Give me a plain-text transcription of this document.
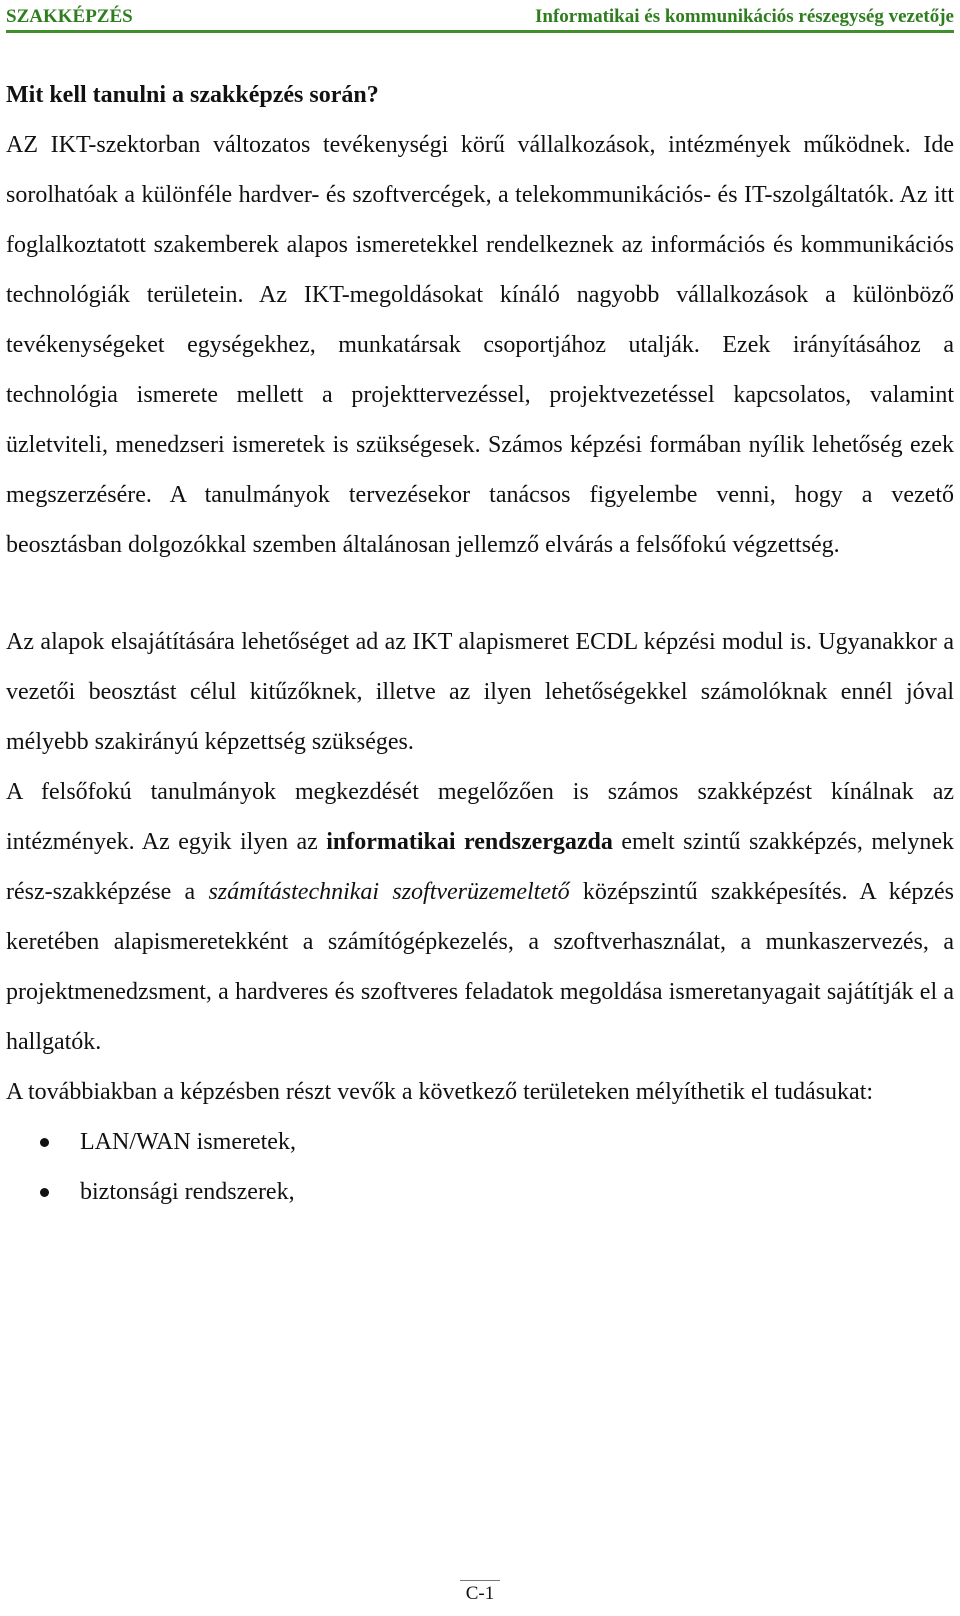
SZAKKÉPZÉS	Informatikai és kommunikációs részegység vezetője
Mit kell tanulni a szakképzés során?

AZ IKT-szektorban változatos tevékenységi körű vállalkozások, intézmények működnek. Ide sorolhatóak a különféle hardver- és szoftvercégek, a telekommunikációs- és IT-szolgáltatók. Az itt foglalkoztatott szakemberek alapos ismeretekkel rendelkeznek az információs és kommunikációs technológiák területein. Az IKT-megoldásokat kínáló nagyobb vállalkozások a különböző tevékenységeket egységekhez, munkatársak csoportjához utalják. Ezek irányításához a technológia ismerete mellett a projekttervezéssel, projektvezetéssel kapcsolatos, valamint üzletviteli, menedzseri ismeretek is szükségesek. Számos képzési formában nyílik lehetőség ezek megszerzésére. A tanulmányok tervezésekor tanácsos figyelembe venni, hogy a vezető beosztásban dolgozókkal szemben általánosan jellemző elvárás a felsőfokú végzettség.

Az alapok elsajátítására lehetőséget ad az IKT alapismeret ECDL képzési modul is. Ugyanakkor a vezetői beosztást célul kitűzőknek, illetve az ilyen lehetőségekkel számolóknak ennél jóval mélyebb szakirányú képzettség szükséges.

A felsőfokú tanulmányok megkezdését megelőzően is számos szakképzést kínálnak az intézmények. Az egyik ilyen az informatikai rendszergazda emelt szintű szakképzés, melynek rész-szakképzése a számítástechnikai szoftverüzemeltető középszintű szakképesítés. A képzés keretében alapismeretekként a számítógépkezelés, a szoftverhasználat, a munkaszervezés, a projektmenedzsment, a hardveres és szoftveres feladatok megoldása ismeretanyagait sajátítják el a hallgatók.

A továbbiakban a képzésben részt vevők a következő területeken mélyíthetik el tudásukat:

LAN/WAN ismeretek,
biztonsági rendszerek,
C-1
